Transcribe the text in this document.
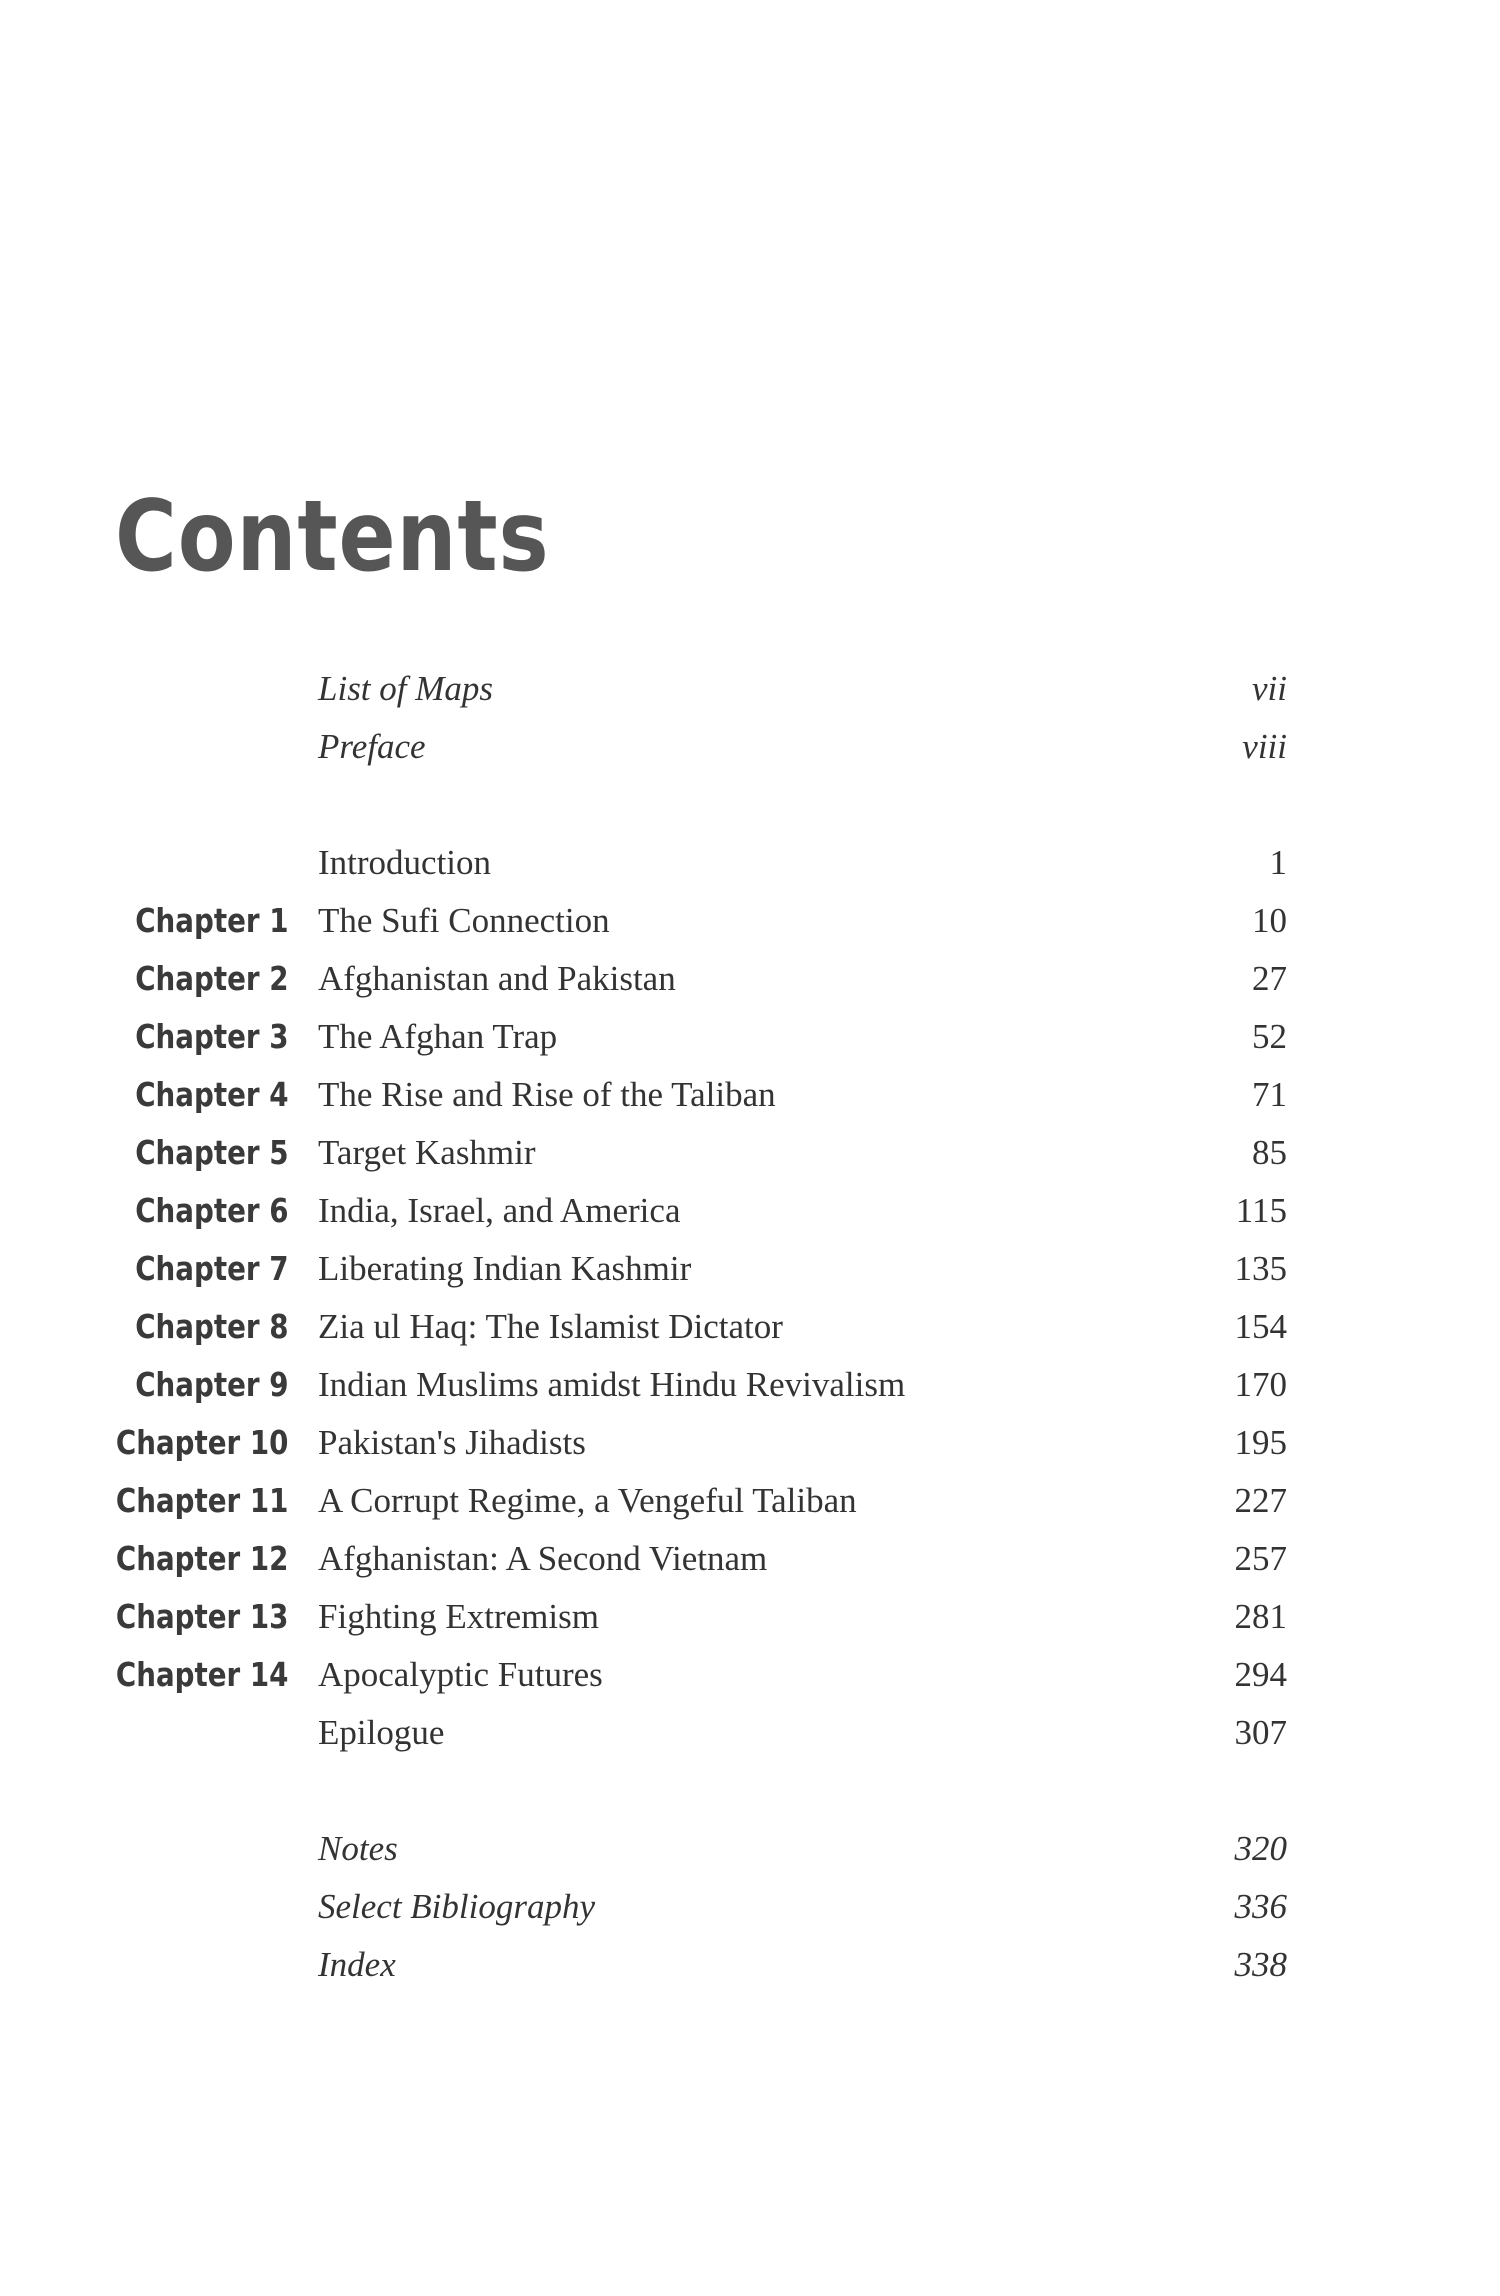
Contents
List of Maps	vii
Preface	viii
Introduction	1
Chapter 1 The Sufi Connection	10
Chapter 2 Afghanistan and Pakistan	27
Chapter 3 The Afghan Trap	52
Chapter 4 The Rise and Rise of the Taliban	71
Chapter 5 Target Kashmir	85
Chapter 6 India, Israel, and America	115
Chapter 7 Liberating Indian Kashmir	135
Chapter 8 Zia ul Haq: The Islamist Dictator	154
Chapter 9 Indian Muslims amidst Hindu Revivalism	170
Chapter 10 Pakistan's Jihadists	195
Chapter 11 A Corrupt Regime, a Vengeful Taliban	227
Chapter 12 Afghanistan: A Second Vietnam	257
Chapter 13 Fighting Extremism	281
Chapter 14 Apocalyptic Futures	294
Epilogue	307
Notes	320
Select Bibliography	336
Index	338
